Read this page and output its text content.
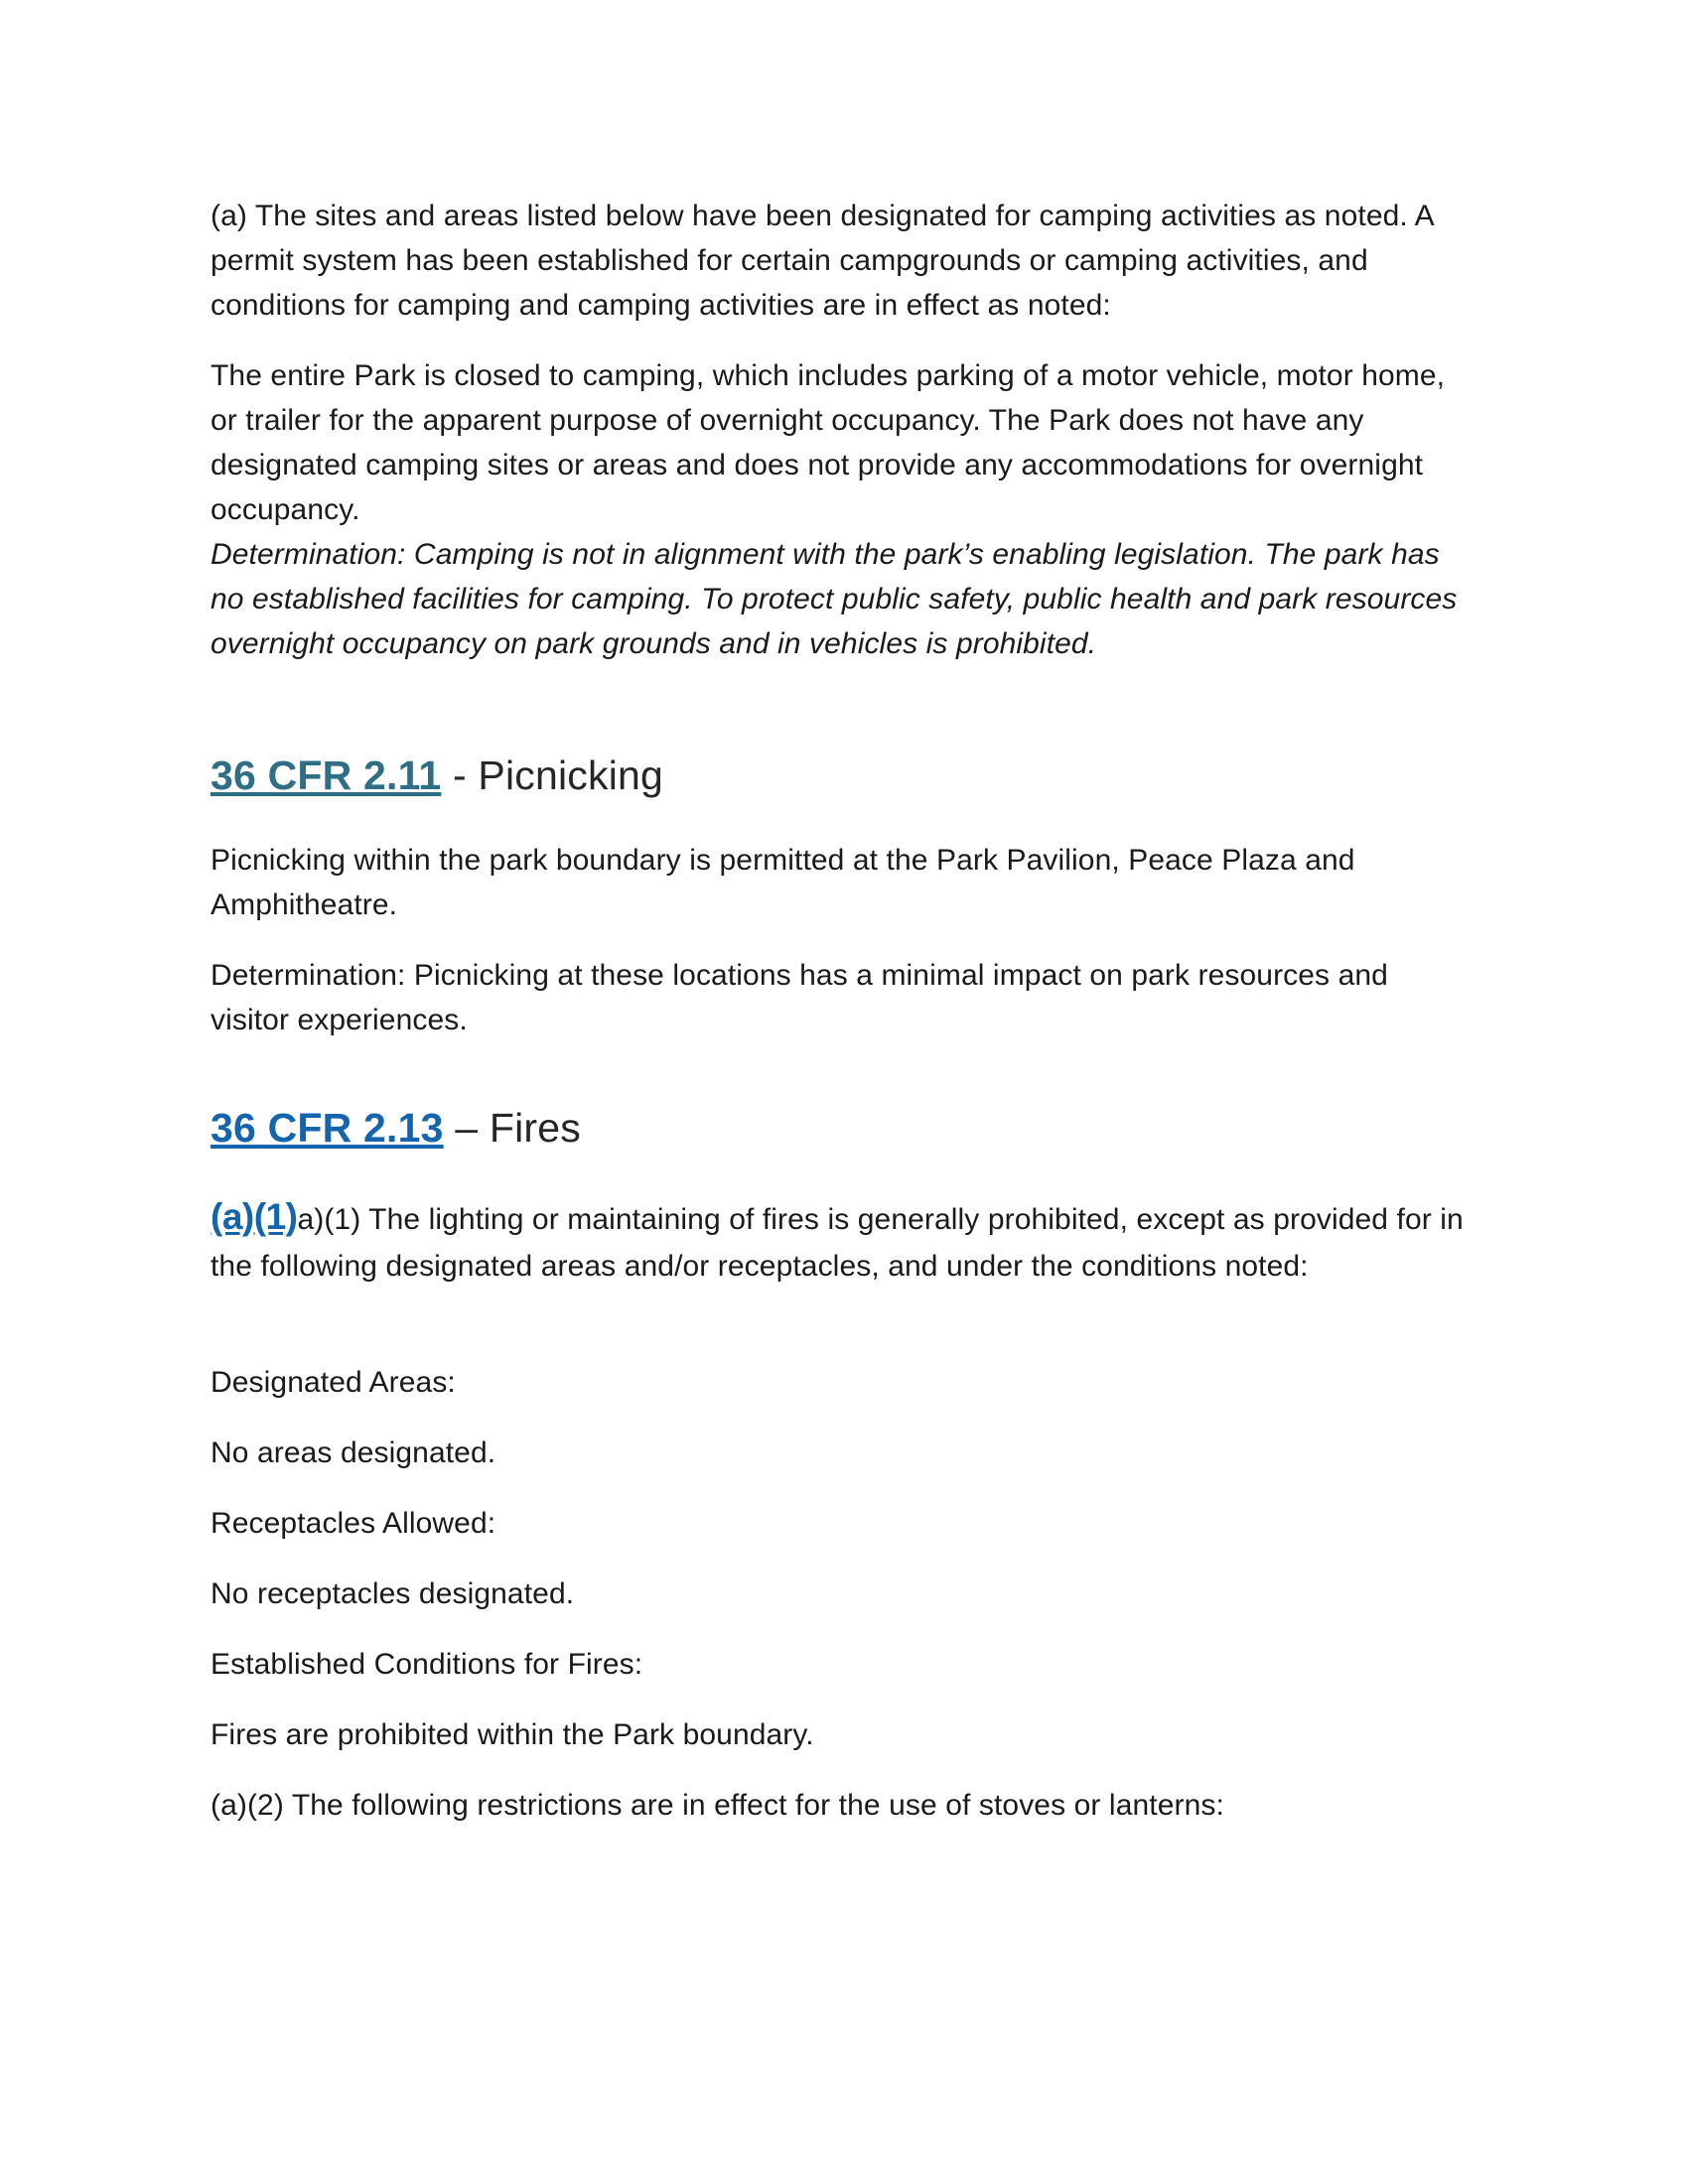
(a) The sites and areas listed below have been designated for camping activities as noted. A permit system has been established for certain campgrounds or camping activities, and conditions for camping and camping activities are in effect as noted:

The entire Park is closed to camping, which includes parking of a motor vehicle, motor home, or trailer for the apparent purpose of overnight occupancy. The Park does not have any designated camping sites or areas and does not provide any accommodations for overnight occupancy.

Determination: Camping is not in alignment with the park’s enabling legislation. The park has no established facilities for camping. To protect public safety, public health and park resources overnight occupancy on park grounds and in vehicles is prohibited.

36 CFR 2.11 - Picnicking

Picnicking within the park boundary is permitted at the Park Pavilion, Peace Plaza and Amphitheatre.

Determination: Picnicking at these locations has a minimal impact on park resources and visitor experiences.

36 CFR 2.13 – Fires

(a)(1)a)(1) The lighting or maintaining of fires is generally prohibited, except as provided for in the following designated areas and/or receptacles, and under the conditions noted:

Designated Areas:

No areas designated.

Receptacles Allowed:

No receptacles designated.

Established Conditions for Fires:

Fires are prohibited within the Park boundary.

(a)(2) The following restrictions are in effect for the use of stoves or lanterns:
